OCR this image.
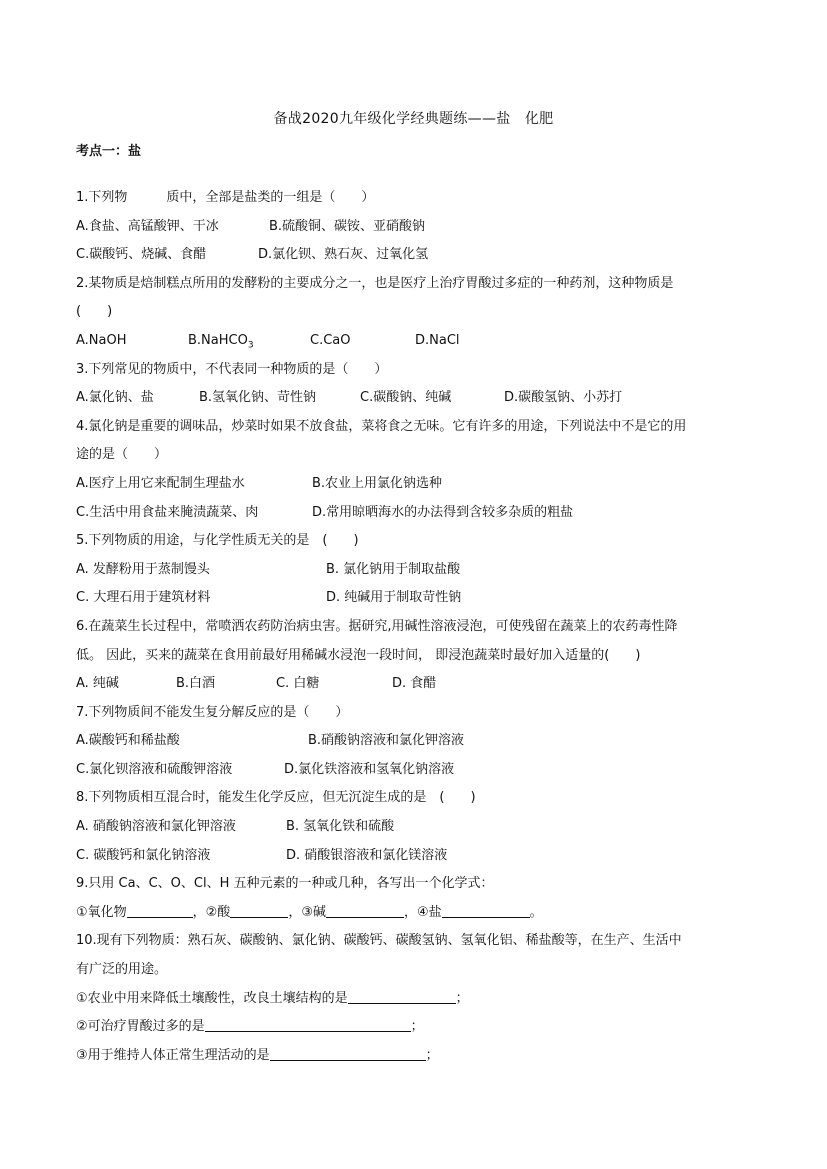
备战2020九年级化学经典题练——盐　化肥
考点一：盐
1.下列物　　　质中，全部是盐类的一组是（　　）
A.食盐、高锰酸钾、干冰	B.硫酸铜、碳铵、亚硝酸钠
C.碳酸钙、烧碱、食醋	D.氯化钡、熟石灰、过氧化氢
2.某物质是焙制糕点所用的发酵粉的主要成分之一，也是医疗上治疗胃酸过多症的一种药剂，这种物质是
(　　)
A.NaOH	B.NaHCO$_3$	C.CaO	D.NaCl
3.下列常见的物质中，不代表同一种物质的是（　　）
A.氯化钠、盐	B.氢氧化钠、苛性钠	C.碳酸钠、纯碱	D.碳酸氢钠、小苏打
4.氯化钠是重要的调味品，炒菜时如果不放食盐，菜将食之无味。它有许多的用途，下列说法中不是它的用
途的是（　　）
A.医疗上用它来配制生理盐水	B.农业上用氯化钠选种
C.生活中用食盐来腌渍蔬菜、肉	D.常用晾晒海水的办法得到含较多杂质的粗盐
5.下列物质的用途，与化学性质无关的是　(　　)
A. 发酵粉用于蒸制馒头	B. 氯化钠用于制取盐酸
C. 大理石用于建筑材料	D. 纯碱用于制取苛性钠
6.在蔬菜生长过程中，常喷洒农药防治病虫害。据研究,用碱性溶液浸泡，可使残留在蔬菜上的农药毒性降
低。 因此，买来的蔬菜在食用前最好用稀碱水浸泡一段时间， 即浸泡蔬菜时最好加入适量的(　　)
A. 纯碱	B.白酒	C. 白糖	D. 食醋
7.下列物质间不能发生复分解反应的是（　　）
A.碳酸钙和稀盐酸	B.硝酸钠溶液和氯化钾溶液
C.氯化钡溶液和硫酸钾溶液	D.氯化铁溶液和氢氧化钠溶液
8.下列物质相互混合时，能发生化学反应，但无沉淀生成的是　(　　)
A. 硝酸钠溶液和氯化钾溶液	B. 氢氧化铁和硫酸
C. 碳酸钙和氯化钠溶液	D. 硝酸银溶液和氯化镁溶液
9.只用 Ca、C、O、Cl、H 五种元素的一种或几种，各写出一个化学式：
①氧化物	，②酸	，③碱	，④盐	。
10.现有下列物质：熟石灰、碳酸钠、氯化钠、碳酸钙、碳酸氢钠、氢氧化铝、稀盐酸等，在生产、生活中
有广泛的用途。
①农业中用来降低土壤酸性，改良土壤结构的是	；
②可治疗胃酸过多的是	；
③用于维持人体正常生理活动的是	；
